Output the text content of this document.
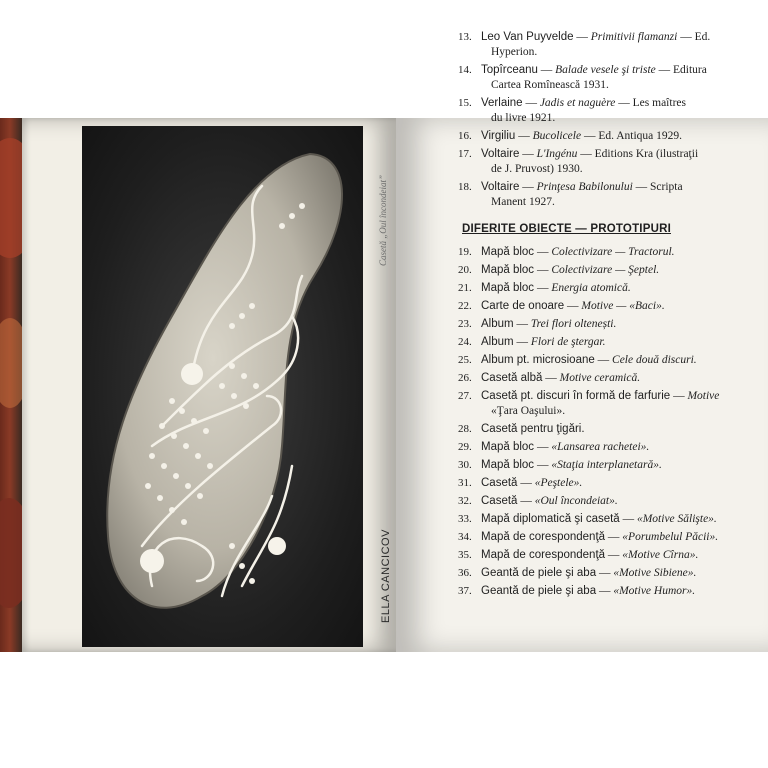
Casetă „Oul încondeiat”
ELLA CANCICOV
13. Leo Van Puyvelde — Primitivii flamanzi — Ed.
Hyperion.
14. Topîrceanu — Balade vesele şi triste — Editura
Cartea Romînească 1931.
15. Verlaine — Jadis et naguère — Les maîtres
du livre 1921.
16. Virgiliu — Bucolicele — Ed. Antiqua 1929.
17. Voltaire — L'Ingénu — Editions Kra (ilustraţii
de J. Pruvost) 1930.
18. Voltaire — Prinţesa Babilonului — Scripta
Manent 1927.
DIFERITE OBIECTE — PROTOTIPURI
19. Mapă bloc — Colectivizare — Tractorul.
20. Mapă bloc — Colectivizare — Şeptel.
21. Mapă bloc — Energia atomică.
22. Carte de onoare — Motive — «Baci».
23. Album — Trei flori oltenești.
24. Album — Flori de ştergar.
25. Album pt. microsioane — Cele două discuri.
26. Casetă albă — Motive ceramică.
27. Casetă pt. discuri în formă de farfurie — Motive
«Ţara Oaşului».
28. Casetă pentru ţigări.
29. Mapă bloc — «Lansarea rachetei».
30. Mapă bloc — «Staţia interplanetară».
31. Casetă — «Peştele».
32. Casetă — «Oul încondeiat».
33. Mapă diplomatică şi casetă — «Motive Sălişte».
34. Mapă de corespondenţă — «Porumbelul Păcii».
35. Mapă de corespondenţă — «Motive Cîrna».
36. Geantă de piele şi aba — «Motive Sibiene».
37. Geantă de piele şi aba — «Motive Humor».
